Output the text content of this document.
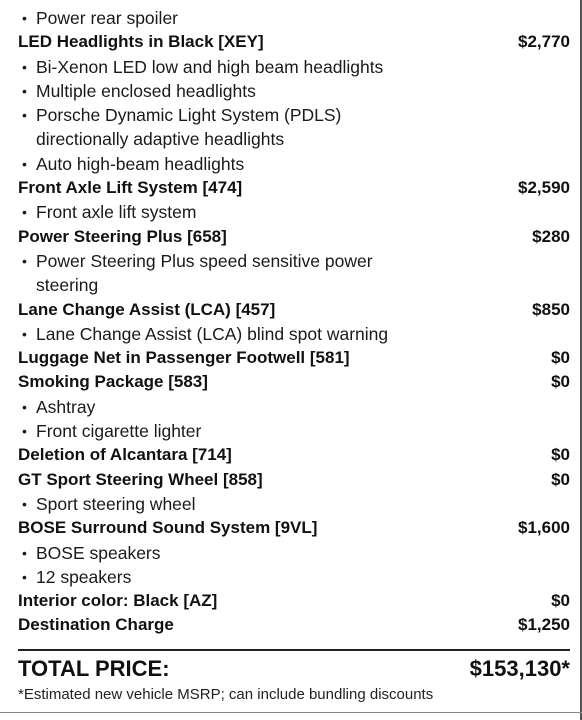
• Power rear spoiler
LED Headlights in Black [XEY]	$2,770
• Bi-Xenon LED low and high beam headlights
• Multiple enclosed headlights
• Porsche Dynamic Light System (PDLS) directionally adaptive headlights
• Auto high-beam headlights
Front Axle Lift System [474]	$2,590
• Front axle lift system
Power Steering Plus [658]	$280
• Power Steering Plus speed sensitive power steering
Lane Change Assist (LCA) [457]	$850
• Lane Change Assist (LCA) blind spot warning
Luggage Net in Passenger Footwell [581]	$0
Smoking Package [583]	$0
• Ashtray
• Front cigarette lighter
Deletion of Alcantara [714]	$0
GT Sport Steering Wheel [858]	$0
• Sport steering wheel
BOSE Surround Sound System [9VL]	$1,600
• BOSE speakers
• 12 speakers
Interior color: Black [AZ]	$0
Destination Charge	$1,250
TOTAL PRICE:	$153,130*
*Estimated new vehicle MSRP; can include bundling discounts
